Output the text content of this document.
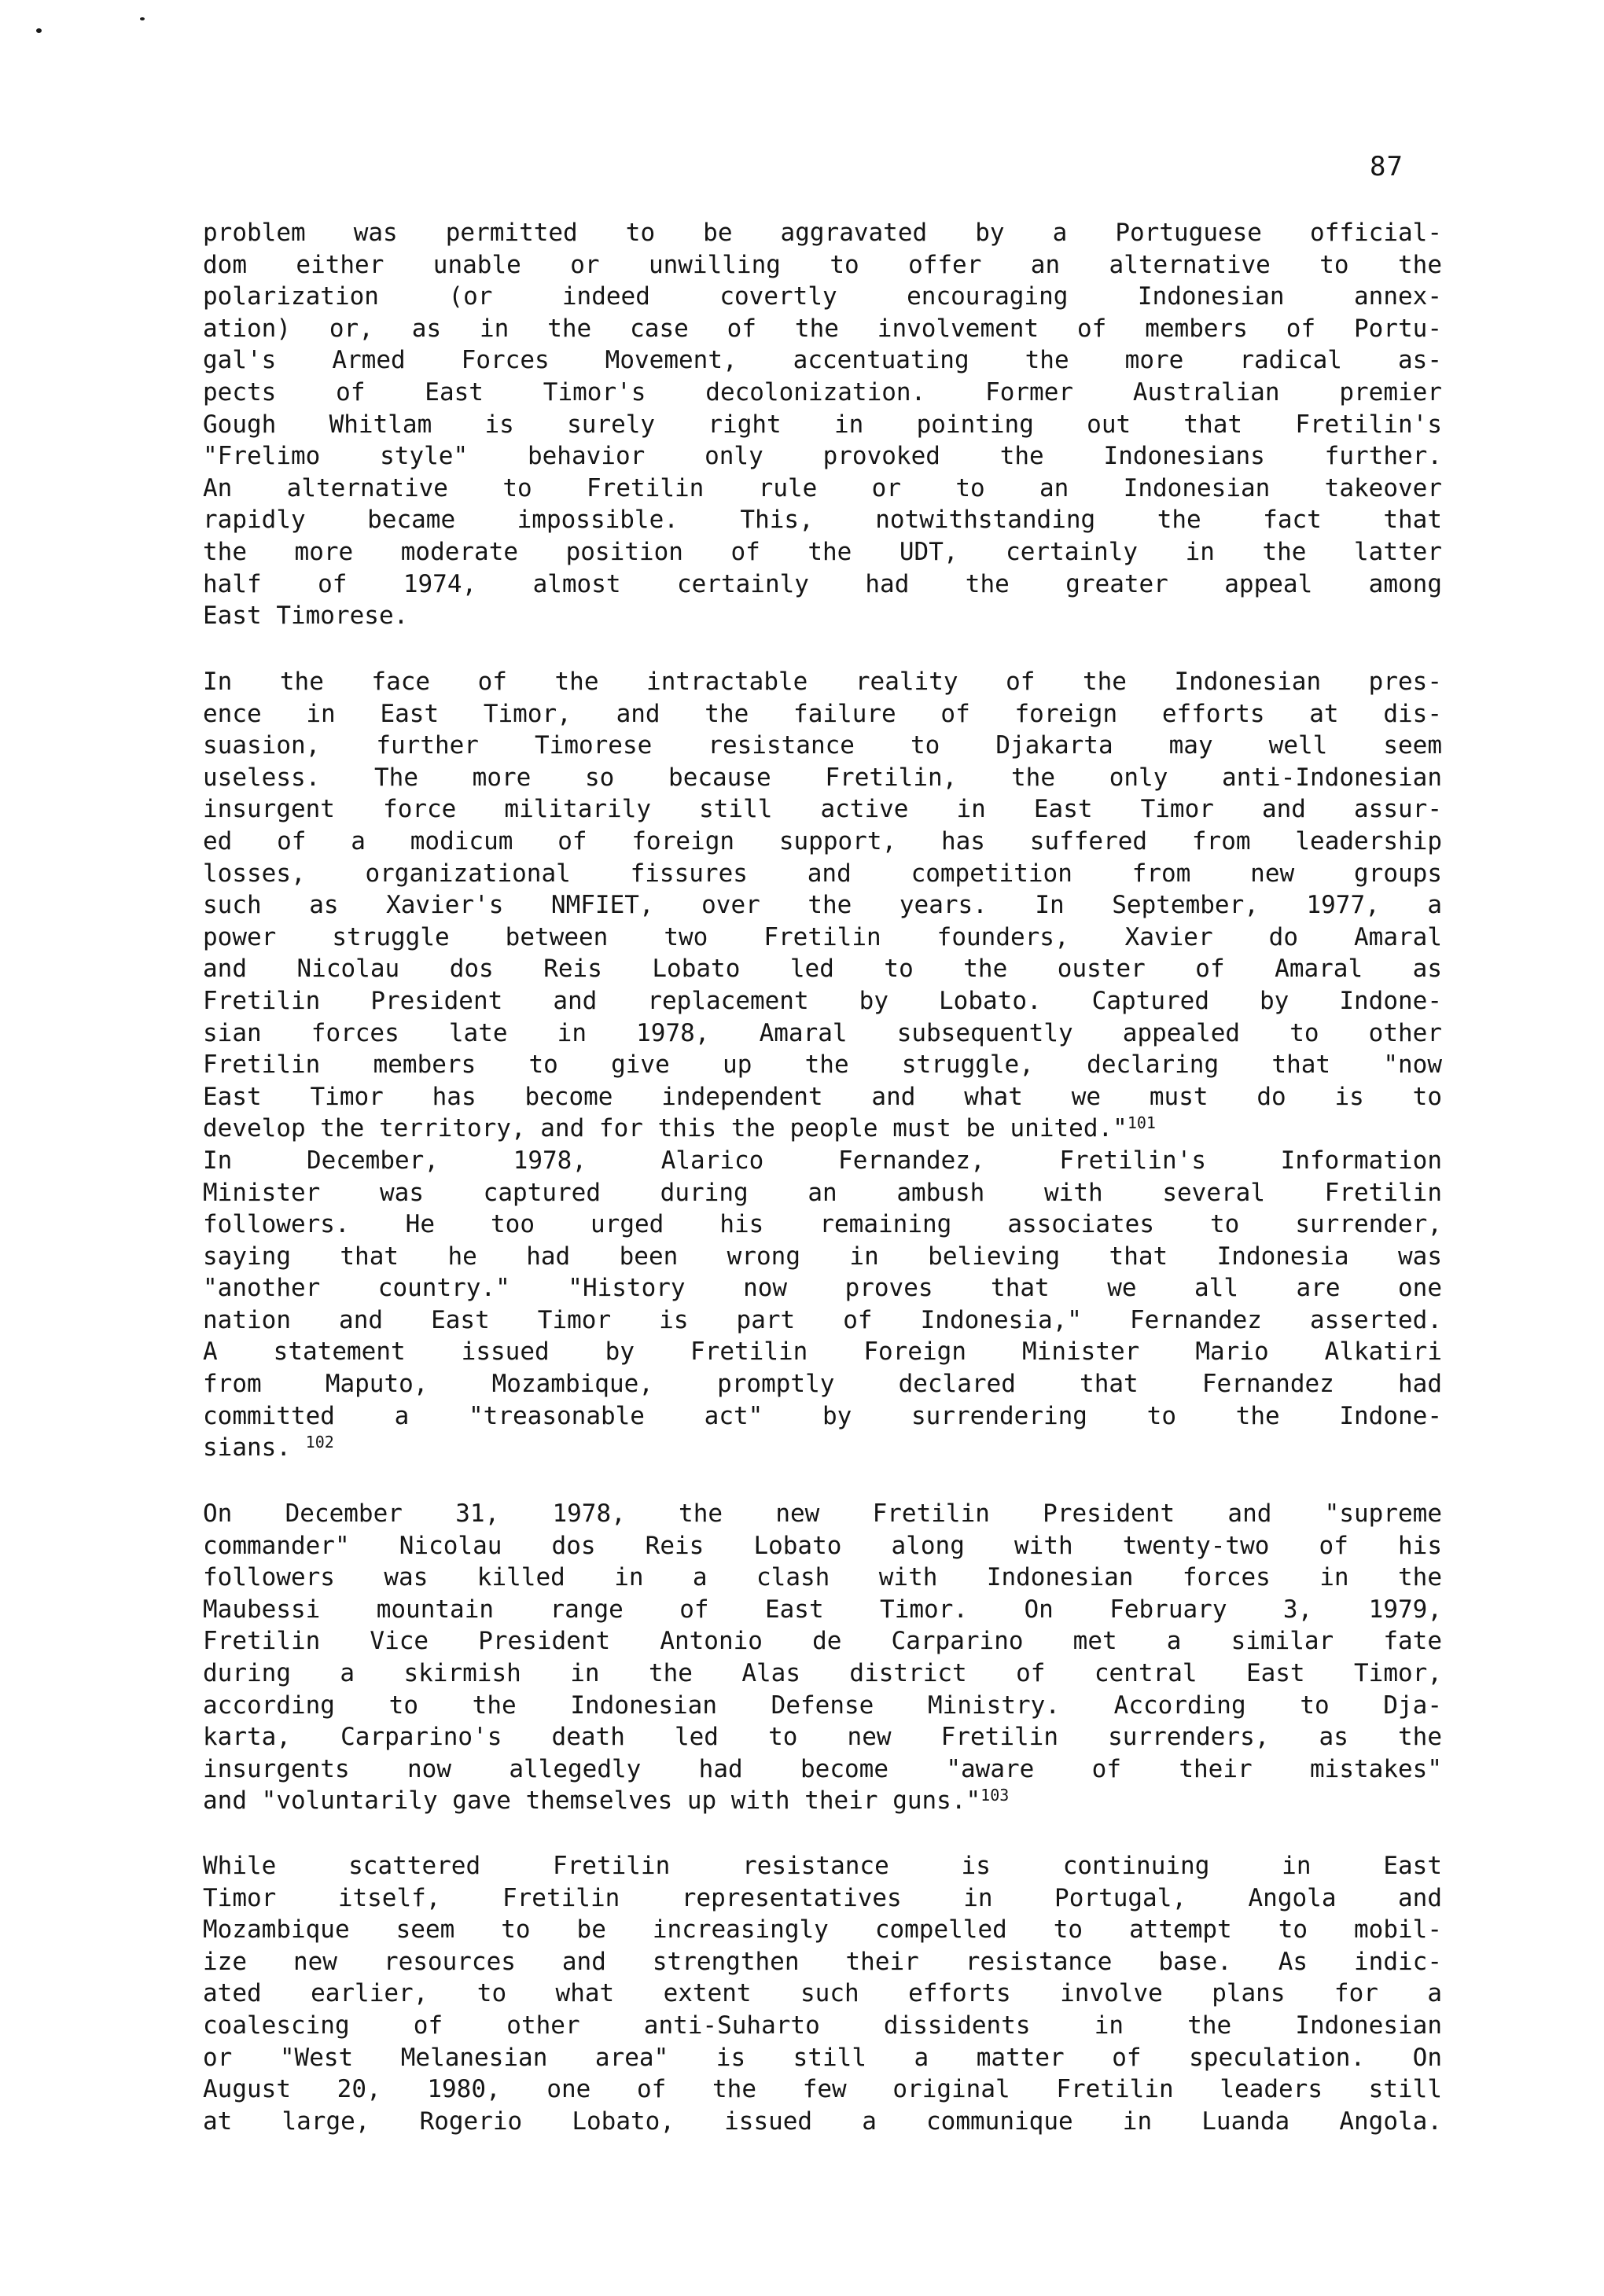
87
problem was permitted to be aggravated by a Portuguese official-
dom either unable or unwilling to offer an alternative to the
polarization (or indeed covertly encouraging Indonesian annex-
ation) or, as in the case of the involvement of members of Portu-
gal's Armed Forces Movement, accentuating the more radical as-
pects of East Timor's decolonization. Former Australian premier
Gough Whitlam is surely right in pointing out that Fretilin's
"Frelimo style" behavior only provoked the Indonesians further.
An alternative to Fretilin rule or to an Indonesian takeover
rapidly became impossible. This, notwithstanding the fact that
the more moderate position of the UDT, certainly in the latter
half of 1974, almost certainly had the greater appeal among
East Timorese.
In the face of the intractable reality of the Indonesian pres-
ence in East Timor, and the failure of foreign efforts at dis-
suasion, further Timorese resistance to Djakarta may well seem
useless. The more so because Fretilin, the only anti-Indonesian
insurgent force militarily still active in East Timor and assur-
ed of a modicum of foreign support, has suffered from leadership
losses, organizational fissures and competition from new groups
such as Xavier's NMFIET, over the years. In September, 1977, a
power struggle between two Fretilin founders, Xavier do Amaral
and Nicolau dos Reis Lobato led to the ouster of Amaral as
Fretilin President and replacement by Lobato. Captured by Indone-
sian forces late in 1978, Amaral subsequently appealed to other
Fretilin members to give up the struggle, declaring that "now
East Timor has become independent and what we must do is to
develop the territory, and for this the people must be united."$^{101}$
In December, 1978, Alarico Fernandez, Fretilin's Information
Minister was captured during an ambush with several Fretilin
followers. He too urged his remaining associates to surrender,
saying that he had been wrong in believing that Indonesia was
"another country." "History now proves that we all are one
nation and East Timor is part of Indonesia," Fernandez asserted.
A statement issued by Fretilin Foreign Minister Mario Alkatiri
from Maputo, Mozambique, promptly declared that Fernandez had
committed a "treasonable act" by surrendering to the Indone-
sians. $^{102}$
On December 31, 1978, the new Fretilin President and "supreme
commander" Nicolau dos Reis Lobato along with twenty-two of his
followers was killed in a clash with Indonesian forces in the
Maubessi mountain range of East Timor. On February 3, 1979,
Fretilin Vice President Antonio de Carparino met a similar fate
during a skirmish in the Alas district of central East Timor,
according to the Indonesian Defense Ministry. According to Dja-
karta, Carparino's death led to new Fretilin surrenders, as the
insurgents now allegedly had become "aware of their mistakes"
and "voluntarily gave themselves up with their guns."$^{103}$
While scattered Fretilin resistance is continuing in East
Timor itself, Fretilin representatives in Portugal, Angola and
Mozambique seem to be increasingly compelled to attempt to mobil-
ize new resources and strengthen their resistance base. As indic-
ated earlier, to what extent such efforts involve plans for a
coalescing of other anti-Suharto dissidents in the Indonesian
or "West Melanesian area" is still a matter of speculation. On
August 20, 1980, one of the few original Fretilin leaders still
at large, Rogerio Lobato, issued a communique in Luanda Angola.
